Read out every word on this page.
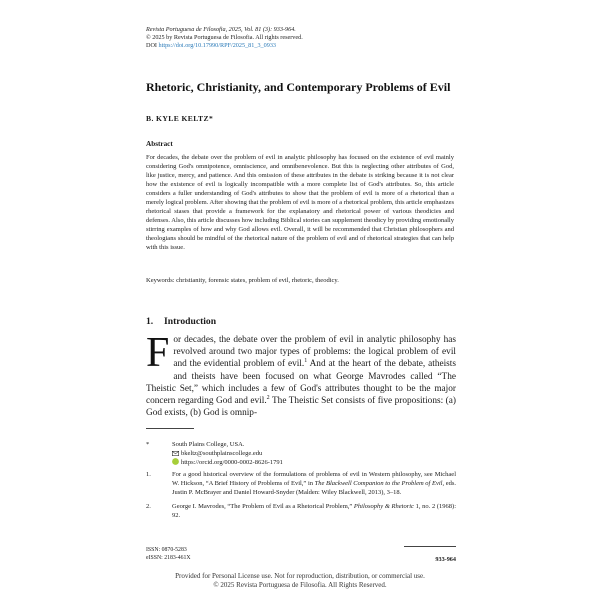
Revista Portuguesa de Filosofia, 2025, Vol. 81 (3): 933-964.
© 2025 by Revista Portuguesa de Filosofia. All rights reserved.
DOI https://doi.org/10.17990/RPF/2025_81_3_0933
Rhetoric, Christianity, and Contemporary Problems of Evil
B. KYLE KELTZ*
Abstract
For decades, the debate over the problem of evil in analytic philosophy has focused on the existence of evil mainly considering God's omnipotence, omniscience, and omnibenevolence. But this is neglecting other attributes of God, like justice, mercy, and patience. And this omission of these attributes in the debate is striking because it is not clear how the existence of evil is logically incompatible with a more complete list of God's attributes. So, this article considers a fuller understanding of God's attributes to show that the problem of evil is more of a rhetorical than a merely logical problem. After showing that the problem of evil is more of a rhetorical problem, this article emphasizes rhetorical stases that provide a framework for the explanatory and rhetorical power of various theodicies and defenses. Also, this article discusses how including Biblical stories can supplement theodicy by providing emotionally stirring examples of how and why God allows evil. Overall, it will be recommended that Christian philosophers and theologians should be mindful of the rhetorical nature of the problem of evil and of rhetorical strategies that can help with this issue.
Keywords: christianity, forensic states, problem of evil, rhetoric, theodicy.
1. Introduction
For decades, the debate over the problem of evil in analytic philosophy has revolved around two major types of problems: the logical problem of evil and the evidential problem of evil.$^1$ And at the heart of the debate, atheists and theists have been focused on what George Mavrodes called “The Theistic Set,” which includes a few of God's attributes thought to be the major concern regarding God and evil.$^2$ The Theistic Set consists of five propositions: (a) God exists, (b) God is omnip-
*	South Plains College, USA.
bkeltz@southplainscollege.edu
https://orcid.org/0000-0002-8626-1791
1.	For a good historical overview of the formulations of problems of evil in Western philosophy, see Michael W. Hickson, “A Brief History of Problems of Evil,” in The Blackwell Companion to the Problem of Evil, eds. Justin P. McBrayer and Daniel Howard-Snyder (Malden: Wiley Blackwell, 2013), 3–18.
2.	George I. Mavrodes, “The Problem of Evil as a Rhetorical Problem,” Philosophy & Rhetoric 1, no. 2 (1968): 92.
ISSN: 0870-5283
eISSN: 2183-461X	933-964
Provided for Personal License use. Not for reproduction, distribution, or commercial use.
© 2025 Revista Portuguesa de Filosofia. All Rights Reserved.
